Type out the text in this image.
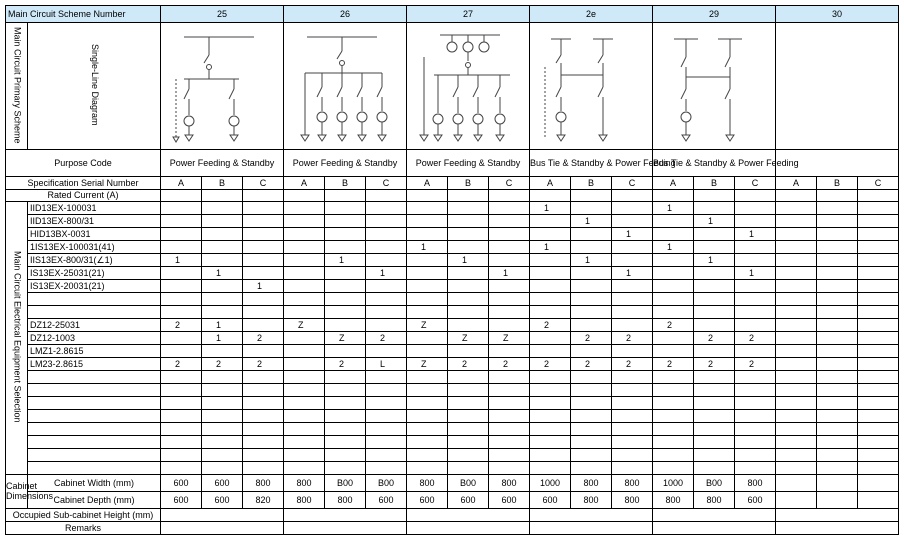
Main Circuit Scheme Number		25			26			27			2e			29			30		
Main Circuit Primary Scheme	Single-Line Diagram	

Purpose Code		Power Feeding & Standby			Power Feeding & Standby			Power Feeding & Standby			Bus Tie & Standby & Power Feeding			Bus Tie & Standby & Power Feeding					
Specification Serial Number		A	B	C	A	B	C	A	B	C	A	B	C	A	B	C	A	B	C
Rated Current (A)																			
Main Circuit Electrical Equipment Selection	IID13EX-100031										1			1					
	IID13EX-800/31											1			1				
	HID13BX-0031												1			1			
	1IS13EX-100031(41)							1			1			1					
	IIS13EX-800/31(∠1)	1				1			1			1			1				
	IS13EX-25031(21)		1				1			1			1			1			
	IS13EX-20031(21)			1															

	DZ12-25031	2	1		Z			Z			2			2					
	DZ12-1003		1	2		Z	2		Z	Z		2	2		2	2			
	LMZ1-2.8615																		
	LM23-2.8615	2	2	2		2	L	Z	2	2	2	2	2	2	2	2			

Cabinet Dimensions	Cabinet Width (mm)	600	600	800	800	B00	B00	800	B00	800	1000	800	800	1000	B00	800			
	Cabinet Depth (mm)	600	600	820	800	800	600	600	600	600	600	800	800	800	800	600			
Occupied Sub-cabinet Height (mm)																			
Remarks																			
